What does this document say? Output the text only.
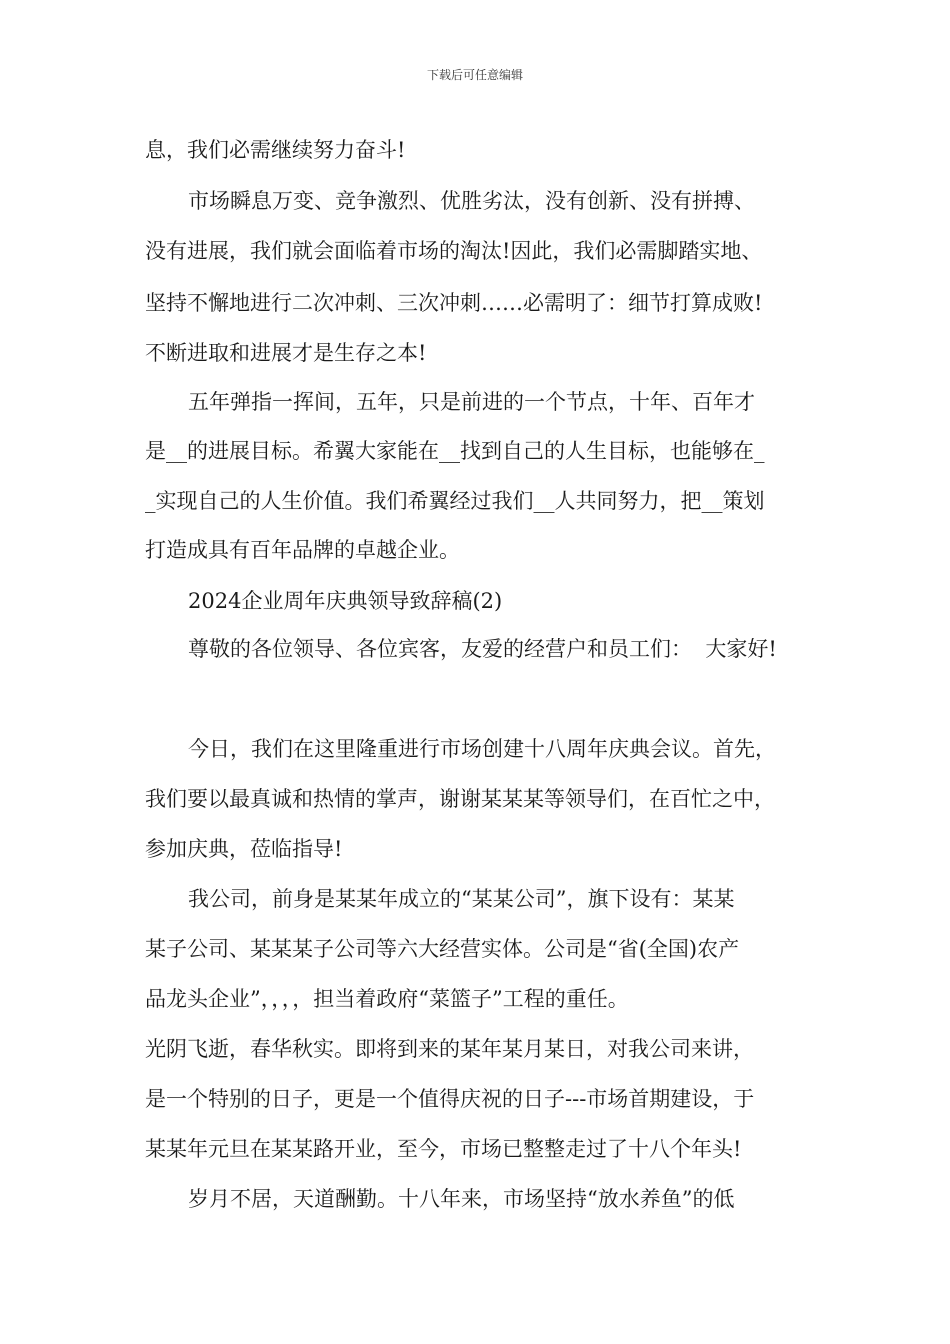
下载后可任意编辑
息，我们必需继续努力奋斗!
市场瞬息万变、竞争激烈、优胜劣汰，没有创新、没有拼搏、
没有进展，我们就会面临着市场的淘汰!因此，我们必需脚踏实地、
坚持不懈地进行二次冲刺、三次冲刺……必需明了：细节打算成败!
不断进取和进展才是生存之本!
五年弹指一挥间，五年，只是前进的一个节点，十年、百年才
是__的进展目标。希翼大家能在__找到自己的人生目标，也能够在_
_实现自己的人生价值。我们希翼经过我们__人共同努力，把__策划
打造成具有百年品牌的卓越企业。
2024企业周年庆典领导致辞稿(2)
尊敬的各位领导、各位宾客，友爱的经营户和员工们：  大家好!
今日，我们在这里隆重进行市场创建十八周年庆典会议。首先，
我们要以最真诚和热情的掌声，谢谢某某某等领导们，在百忙之中，
参加庆典，莅临指导!
我公司，前身是某某年成立的“某某公司”，旗下设有：某某
某子公司、某某某子公司等六大经营实体。公司是“省(全国)农产
品龙头企业”，，，，担当着政府“菜篮子”工程的重任。
光阴飞逝，春华秋实。即将到来的某年某月某日，对我公司来讲，
是一个特别的日子，更是一个值得庆祝的日子---市场首期建设，于
某某年元旦在某某路开业，至今，市场已整整走过了十八个年头!
岁月不居，天道酬勤。十八年来，市场坚持“放水养鱼”的低
